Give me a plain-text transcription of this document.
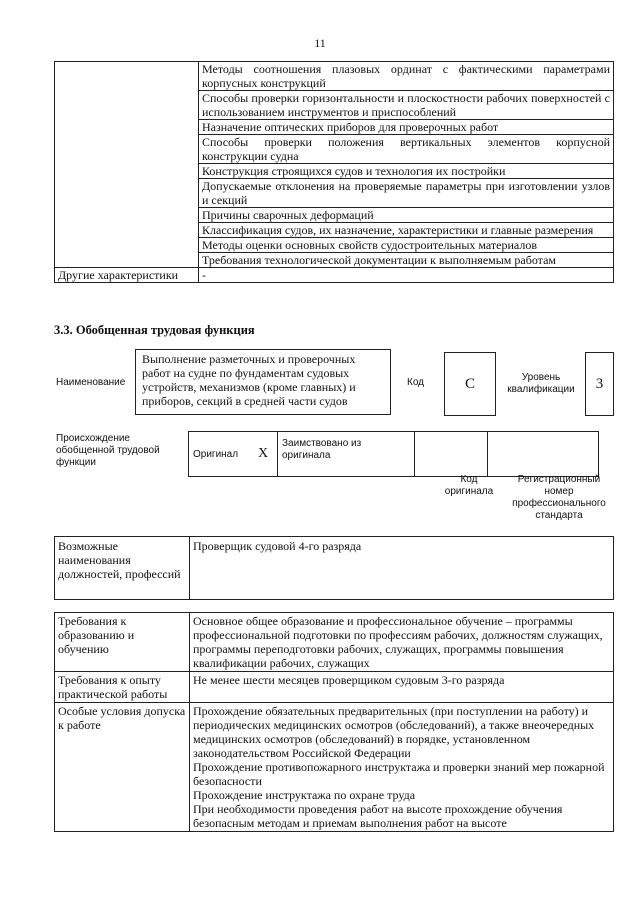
11
	Методы соотношения плазовых ординат с фактическими параметрами корпусных конструкций
	Способы проверки горизонтальности и плоскостности рабочих поверхностей с использованием инструментов и приспособлений
	Назначение оптических приборов для проверочных работ
	Способы проверки положения вертикальных элементов корпусной конструкции судна
	Конструкция строящихся судов и технология их постройки
	Допускаемые отклонения на проверяемые параметры при изготовлении узлов и секций
	Причины сварочных деформаций
	Классификация судов, их назначение, характеристики и главные размерения
	Методы оценки основных свойств судостроительных материалов
	Требования технологической документации к выполняемым работам
Другие характеристики	-
3.3. Обобщенная трудовая функция
Наименование
Выполнение разметочных и проверочных работ на судне по фундаментам судовых устройств, механизмов (кроме главных) и приборов, секций в средней части судов
Код	C	Уровень квалификации	3
Происхождение обобщенной трудовой функции
Оригинал	X	Заимствовано из оригинала		
Код оригинала
Регистрационный номер профессионального стандарта
Возможные наименования должностей, профессий	Проверщик судовой 4-го разряда
Требования к образованию и обучению	Основное общее образование и профессиональное обучение – программы профессиональной подготовки по профессиям рабочих, должностям служащих, программы переподготовки рабочих, служащих, программы повышения квалификации рабочих, служащих
Требования к опыту практической работы	Не менее шести месяцев проверщиком судовым 3-го разряда
Особые условия допуска к работе	Прохождение обязательных предварительных (при поступлении на работу) и периодических медицинских осмотров (обследований), а также внеочередных медицинских осмотров (обследований) в порядке, установленном законодательством Российской Федерации
Прохождение противопожарного инструктажа и проверки знаний мер пожарной безопасности
Прохождение инструктажа по охране труда
При необходимости проведения работ на высоте прохождение обучения безопасным методам и приемам выполнения работ на высоте
